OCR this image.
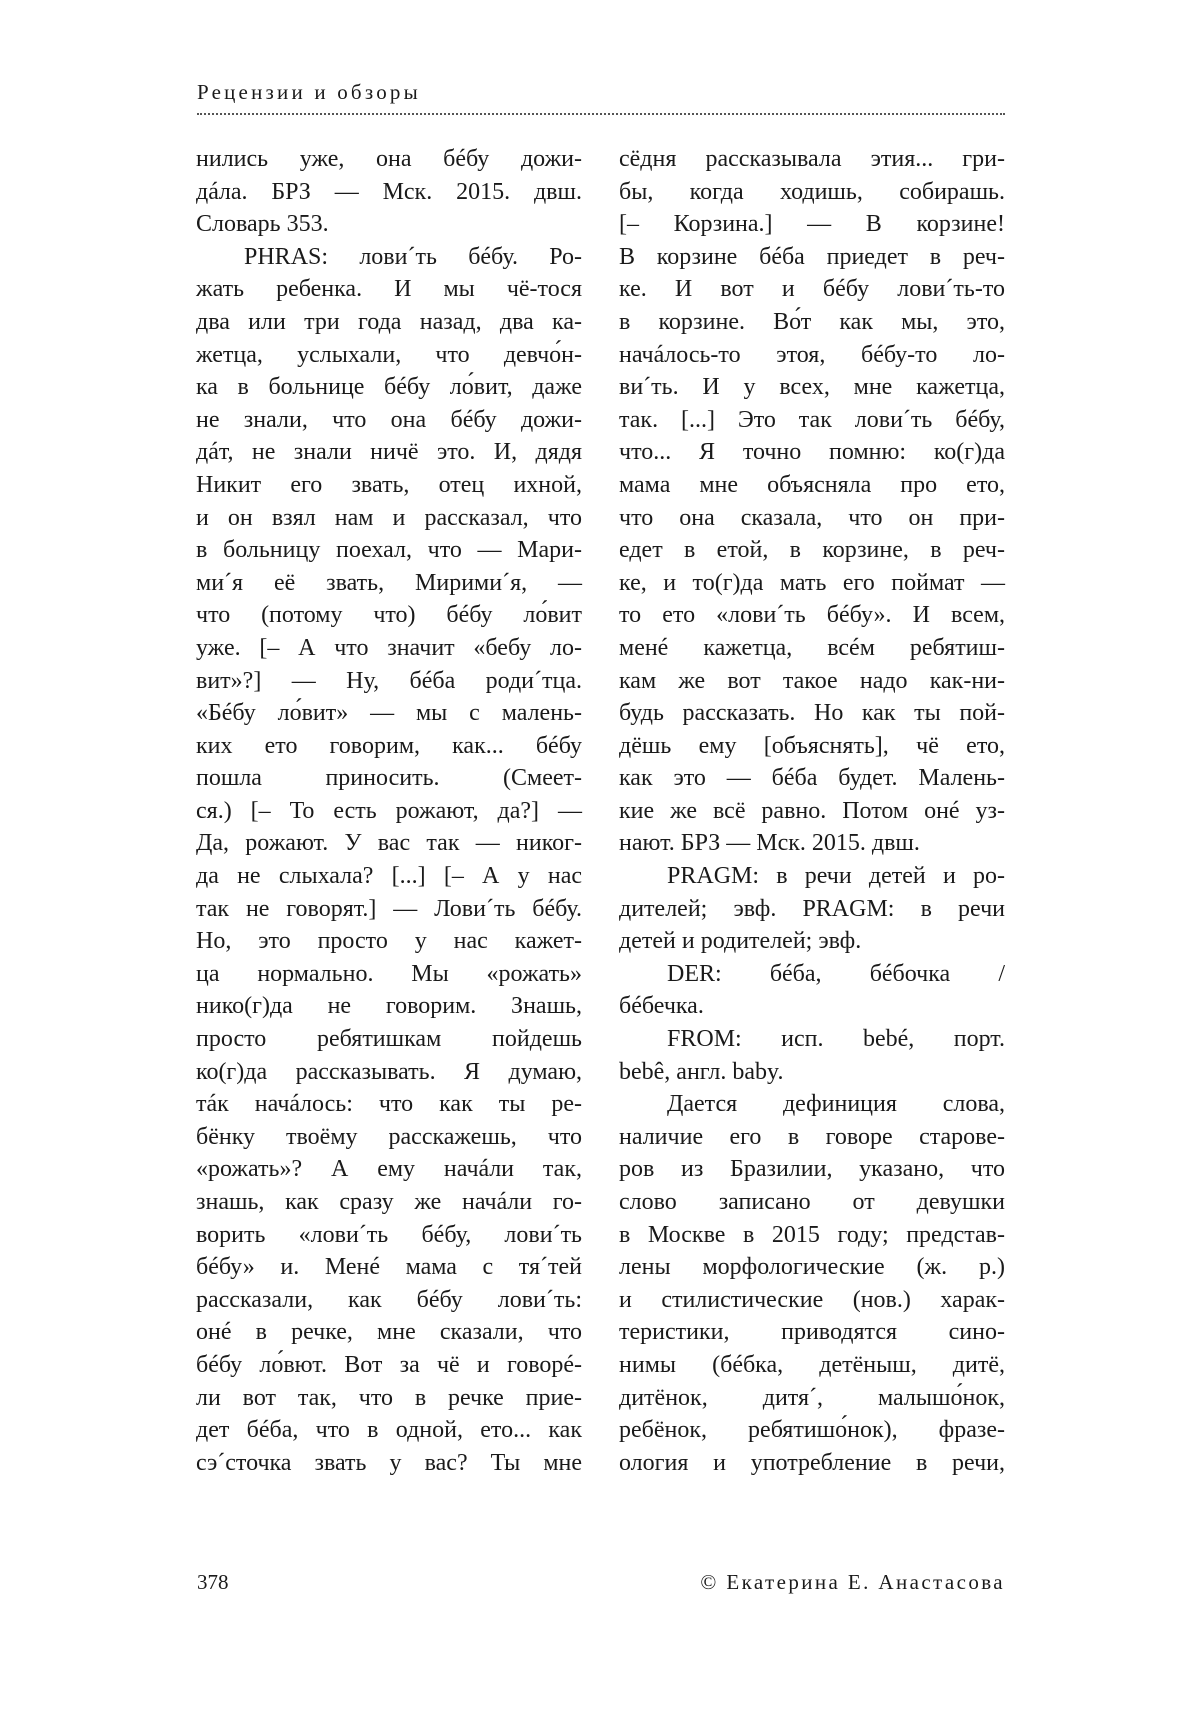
Рецензии и обзоры
нились уже, она бéбу дожи-
дáла. БРЗ — Мск. 2015. двш.
Словарь 353.
PHRAS: лови´ть бéбу. Ро-
жать ребенка. И мы чё-тося
два или три года назад, два ка-
жетца, услыхали, что девчо́н-
ка в больнице бéбу ло́вит, даже
не знали, что она бéбу дожи-
дáт, не знали ничё это. И, дядя
Никит его звать, отец ихной,
и он взял нам и рассказал, что
в больницу поехал, что — Мари-
ми´я её звать, Мирими´я, —
что (потому что) бéбу ло́вит
уже. [– А что значит «бебу ло-
вит»?] — Ну, бéба роди´тца.
«Бéбу ло́вит» — мы с малень-
ких ето говорим, как... бéбу
пошла приносить. (Смеет-
ся.) [– То есть рожают, да?] —
Да, рожают. У вас так — никог-
да не слыхала? [...] [– А у нас
так не говорят.] — Лови´ть бéбу.
Но, это просто у нас кажет-
ца нормально. Мы «рожать»
нико(г)да не говорим. Знашь,
просто ребятишкам пойдешь
ко(г)да рассказывать. Я думаю,
тáк начáлось: что как ты ре-
бёнку твоёму расскажешь, что
«рожать»? А ему начáли так,
знашь, как сразу же начáли го-
ворить «лови´ть бéбу, лови´ть
бéбу» и. Менé мама с тя´тей
рассказали, как бéбу лови´ть:
онé в речке, мне сказали, что
бéбу ло́вют. Вот за чё и говорé-
ли вот так, что в речке прие-
дет бéба, что в одной, ето... как
сэ´сточка звать у вас? Ты мне
сёдня рассказывала этия... гри-
бы, когда ходишь, собирашь.
[– Корзина.] — В корзине!
В корзине бéба приедет в реч-
ке. И вот и бéбу лови´ть-то
в корзине. Во́т как мы, это,
начáлось-то этоя, бéбу-то ло-
ви´ть. И у всех, мне кажетца,
так. [...] Это так лови´ть бéбу,
что... Я точно помню: ко(г)да
мама мне объясняла про ето,
что она сказала, что он при-
едет в етой, в корзине, в реч-
ке, и то(г)да мать его поймат —
то ето «лови´ть бéбу». И всем,
менé кажетца, всéм ребятиш-
кам же вот такое надо как-ни-
будь рассказать. Но как ты пой-
дёшь ему [объяснять], чё ето,
как это — бéба будет. Малень-
кие же всё равно. Потом онé уз-
нают. БРЗ — Мск. 2015. двш.
PRAGM: в речи детей и ро-
дителей; эвф. PRAGM: в речи
детей и родителей; эвф.
DER: бéба, бéбочка /
бéбечка.
FROM: исп. bebé, порт.
bebê, англ. baby.
Дается дефиниция слова,
наличие его в говоре старове-
ров из Бразилии, указано, что
слово записано от девушки
в Москве в 2015 году; представ-
лены морфологические (ж. р.)
и стилистические (нов.) харак-
теристики, приводятся сино-
нимы (бéбка, детёныш, дитё,
дитёнок, дитя´, малышо́нок,
ребёнок, ребятишо́нок), фразе-
ология и употребление в речи,
378	© Екатерина Е. Анастасова
